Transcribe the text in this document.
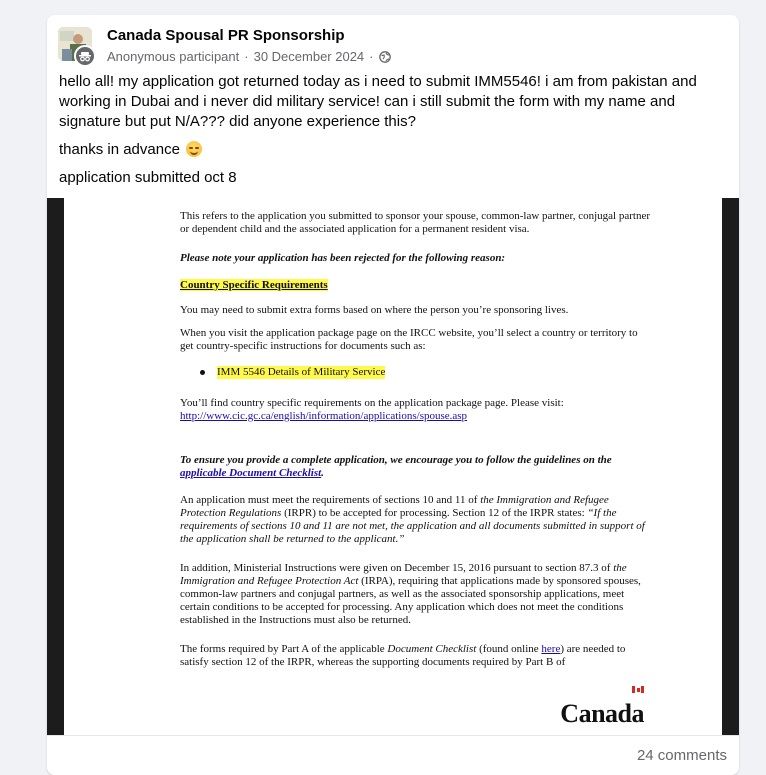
Canada Spousal PR Sponsorship
Anonymous participant · 30 December 2024 ·

hello all! my application got returned today as i need to submit IMM5546! i am from pakistan and working in Dubai and i never did military service! can i still submit the form with my name and signature but put N/A??? did anyone experience this?

thanks in advance

application submitted oct 8

This refers to the application you submitted to sponsor your spouse, common-law partner, conjugal partner or dependent child and the associated application for a permanent resident visa.
Please note your application has been rejected for the following reason:
Country Specific Requirements
You may need to submit extra forms based on where the person you’re sponsoring lives.
When you visit the application package page on the IRCC website, you’ll select a country or territory to get country-specific instructions for documents such as:
IMM 5546 Details of Military Service
You’ll find country specific requirements on the application package page. Please visit:
http://www.cic.gc.ca/english/information/applications/spouse.asp
To ensure you provide a complete application, we encourage you to follow the guidelines on the applicable Document Checklist.
An application must meet the requirements of sections 10 and 11 of the Immigration and Refugee Protection Regulations (IRPR) to be accepted for processing. Section 12 of the IRPR states: “If the requirements of sections 10 and 11 are not met, the application and all documents submitted in support of the application shall be returned to the applicant.”
In addition, Ministerial Instructions were given on December 15, 2016 pursuant to section 87.3 of the Immigration and Refugee Protection Act (IRPA), requiring that applications made by sponsored spouses, common-law partners and conjugal partners, as well as the associated sponsorship applications, meet certain conditions to be accepted for processing. Any application which does not meet the conditions established in the Instructions must also be returned.
The forms required by Part A of the applicable Document Checklist (found online here) are needed to satisfy section 12 of the IRPR, whereas the supporting documents required by Part B of
Canada
24 comments
